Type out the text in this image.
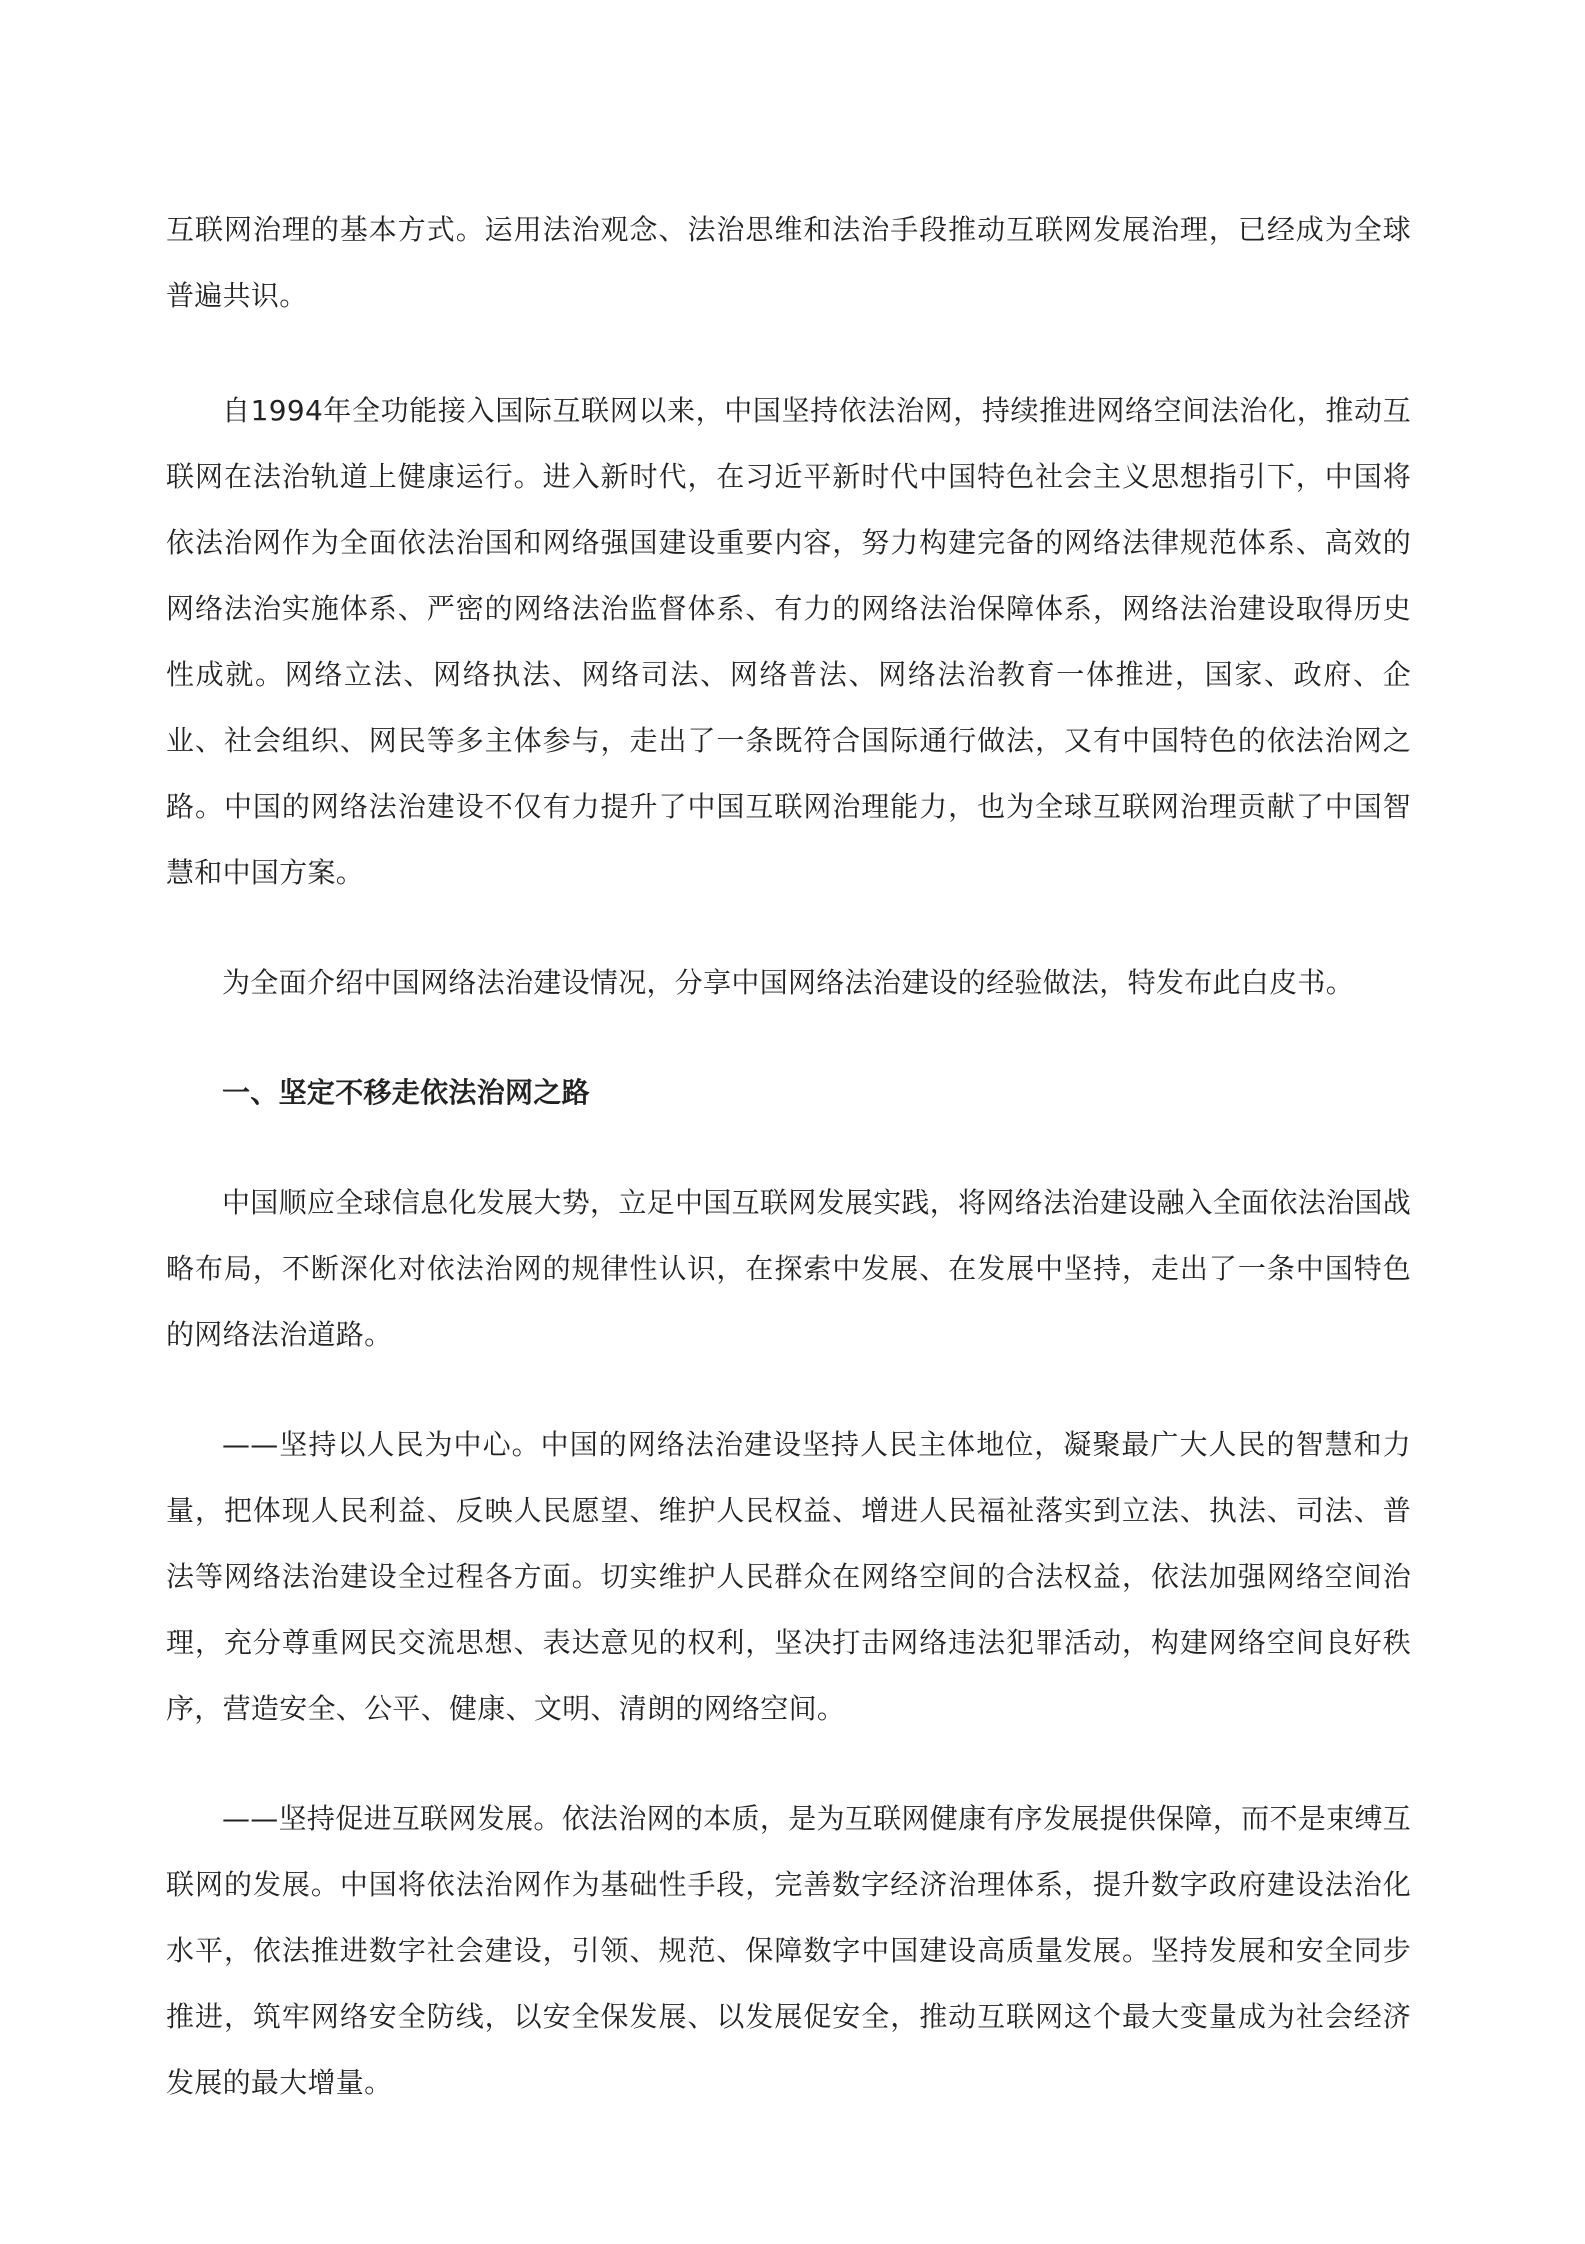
互联网治理的基本方式。运用法治观念、法治思维和法治手段推动互联网发展治理，已经成为全球普遍共识。

自1994年全功能接入国际互联网以来，中国坚持依法治网，持续推进网络空间法治化，推动互联网在法治轨道上健康运行。进入新时代，在习近平新时代中国特色社会主义思想指引下，中国将依法治网作为全面依法治国和网络强国建设重要内容，努力构建完备的网络法律规范体系、高效的网络法治实施体系、严密的网络法治监督体系、有力的网络法治保障体系，网络法治建设取得历史性成就。网络立法、网络执法、网络司法、网络普法、网络法治教育一体推进，国家、政府、企业、社会组织、网民等多主体参与，走出了一条既符合国际通行做法，又有中国特色的依法治网之路。中国的网络法治建设不仅有力提升了中国互联网治理能力，也为全球互联网治理贡献了中国智慧和中国方案。

为全面介绍中国网络法治建设情况，分享中国网络法治建设的经验做法，特发布此白皮书。

一、坚定不移走依法治网之路

中国顺应全球信息化发展大势，立足中国互联网发展实践，将网络法治建设融入全面依法治国战略布局，不断深化对依法治网的规律性认识，在探索中发展、在发展中坚持，走出了一条中国特色的网络法治道路。

——坚持以人民为中心。中国的网络法治建设坚持人民主体地位，凝聚最广大人民的智慧和力量，把体现人民利益、反映人民愿望、维护人民权益、增进人民福祉落实到立法、执法、司法、普法等网络法治建设全过程各方面。切实维护人民群众在网络空间的合法权益，依法加强网络空间治理，充分尊重网民交流思想、表达意见的权利，坚决打击网络违法犯罪活动，构建网络空间良好秩序，营造安全、公平、健康、文明、清朗的网络空间。

——坚持促进互联网发展。依法治网的本质，是为互联网健康有序发展提供保障，而不是束缚互联网的发展。中国将依法治网作为基础性手段，完善数字经济治理体系，提升数字政府建设法治化水平，依法推进数字社会建设，引领、规范、保障数字中国建设高质量发展。坚持发展和安全同步推进，筑牢网络安全防线，以安全保发展、以发展促安全，推动互联网这个最大变量成为社会经济发展的最大增量。
